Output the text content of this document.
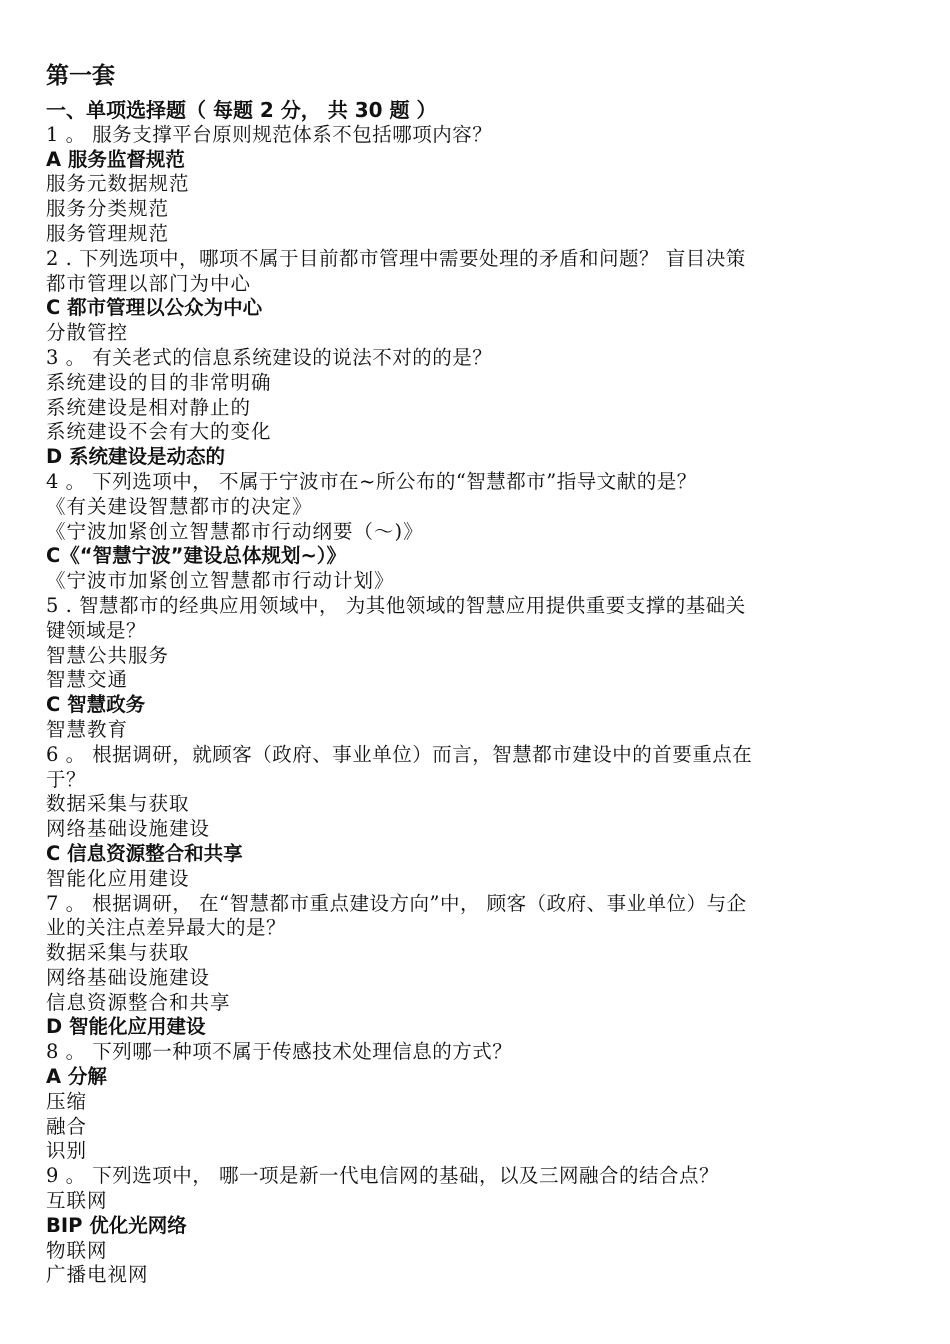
第一套
一、单项选择题（ 每题 2 分， 共 30 题 ）
1 。 服务支撑平台原则规范体系不包括哪项内容？
A 服务监督规范
服务元数据规范
服务分类规范
服务管理规范
2 . 下列选项中，哪项不属于目前都市管理中需要处理的矛盾和问题？ 盲目决策
都市管理以部门为中心
C 都市管理以公众为中心
分散管控
3 。 有关老式的信息系统建设的说法不对的的是？
系统建设的目的非常明确
系统建设是相对静止的
系统建设不会有大的变化
D 系统建设是动态的
4 。 下列选项中， 不属于宁波市在~所公布的“智慧都市”指导文献的是？
《有关建设智慧都市的决定》
《宁波加紧创立智慧都市行动纲要（～)》
C《“智慧宁波”建设总体规划~）》
《宁波市加紧创立智慧都市行动计划》
5 . 智慧都市的经典应用领域中， 为其他领域的智慧应用提供重要支撑的基础关
键领域是？
智慧公共服务
智慧交通
C 智慧政务
智慧教育
6 。 根据调研，就顾客（政府、事业单位）而言，智慧都市建设中的首要重点在
于？
数据采集与获取
网络基础设施建设
C 信息资源整合和共享
智能化应用建设
7 。 根据调研， 在“智慧都市重点建设方向”中， 顾客（政府、事业单位）与企
业的关注点差异最大的是？
数据采集与获取
网络基础设施建设
信息资源整合和共享
D 智能化应用建设
8 。 下列哪一种项不属于传感技术处理信息的方式？
A 分解
压缩
融合
识别
9 。 下列选项中， 哪一项是新一代电信网的基础，以及三网融合的结合点？
互联网
BIP 优化光网络
物联网
广播电视网
